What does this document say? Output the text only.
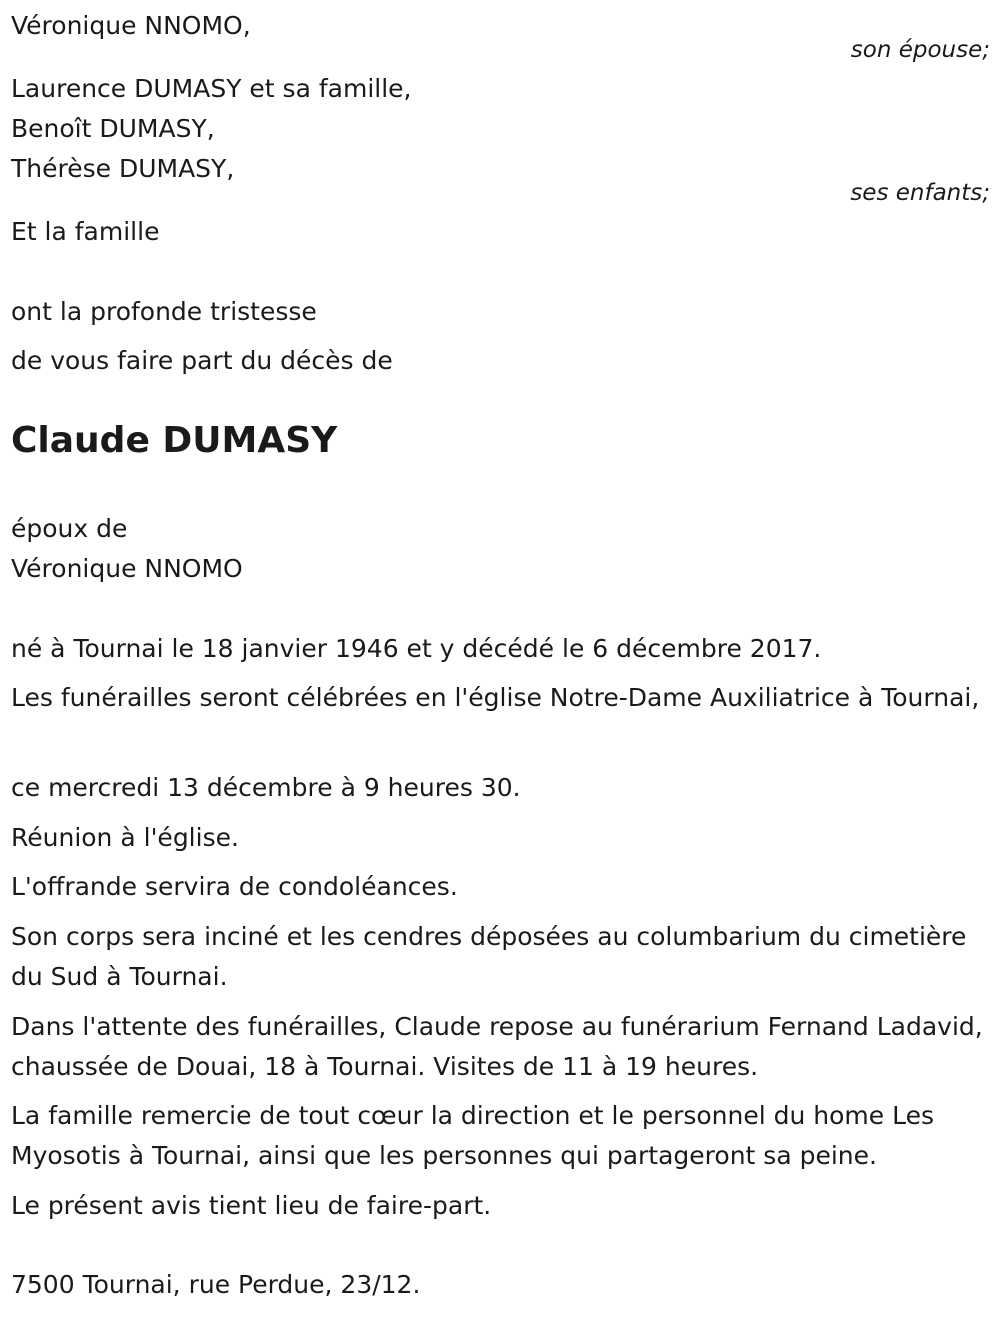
Véronique NNOMO,
son épouse;
Laurence DUMASY et sa famille,
Benoît DUMASY,
Thérèse DUMASY,
ses enfants;
Et la famille
ont la profonde tristesse
de vous faire part du décès de
Claude DUMASY
époux de
Véronique NNOMO
né à Tournai le 18 janvier 1946 et y décédé le 6 décembre 2017.
Les funérailles seront célébrées en l'église Notre-Dame Auxiliatrice à Tournai,
ce mercredi 13 décembre à 9 heures 30.
Réunion à l'église.
L'offrande servira de condoléances.
Son corps sera inciné et les cendres déposées au columbarium du cimetière du Sud à Tournai.
Dans l'attente des funérailles, Claude repose au funérarium Fernand Ladavid, chaussée de Douai, 18 à Tournai. Visites de 11 à 19 heures.
La famille remercie de tout cœur la direction et le personnel du home Les Myosotis à Tournai, ainsi que les personnes qui partageront sa peine.
Le présent avis tient lieu de faire-part.
7500 Tournai, rue Perdue, 23/12.
